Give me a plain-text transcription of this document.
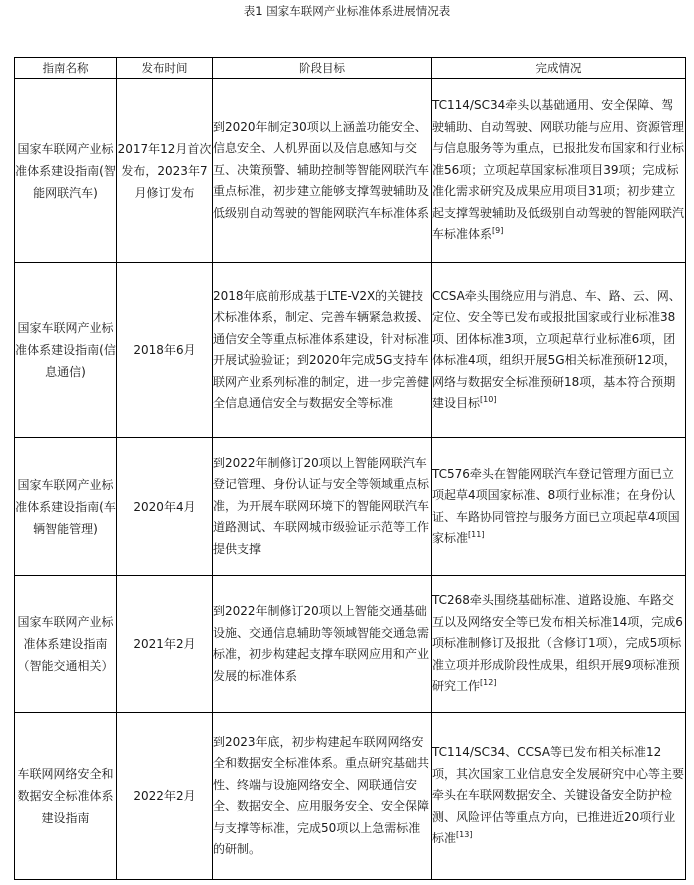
表1 国家车联网产业标准体系进展情况表
指南名称	发布时间	阶段目标	完成情况
国家车联网产业标准体系建设指南(智能网联汽车)	2017年12月首次发布，2023年7月修订发布	到2020年制定30项以上涵盖功能安全、信息安全、人机界面以及信息感知与交互、决策预警、辅助控制等智能网联汽车重点标准，初步建立能够支撑驾驶辅助及低级别自动驾驶的智能网联汽车标准体系	TC114/SC34牵头以基础通用、安全保障、驾驶辅助、自动驾驶、网联功能与应用、资源管理与信息服务等为重点，已报批发布国家和行业标准56项；立项起草国家标准项目39项；完成标准化需求研究及成果应用项目31项；初步建立起支撑驾驶辅助及低级别自动驾驶的智能网联汽车标准体系[9]
国家车联网产业标准体系建设指南(信息通信)	2018年6月	2018年底前形成基于LTE-V2X的关键技术标准体系，制定、完善车辆紧急救援、通信安全等重点标准体系建设，针对标准开展试验验证；到2020年完成5G支持车联网产业系列标准的制定，进一步完善健全信息通信安全与数据安全等标准	CCSA牵头围绕应用与消息、车、路、云、网、定位、安全等已发布或报批国家或行业标准38项、团体标准3项，立项起草行业标准6项，团体标准4项，组织开展5G相关标准预研12项，网络与数据安全标准预研18项，基本符合预期建设目标[10]
国家车联网产业标准体系建设指南(车辆智能管理)	2020年4月	到2022年制修订20项以上智能网联汽车登记管理、身份认证与安全等领域重点标准，为开展车联网环境下的智能网联汽车道路测试、车联网城市级验证示范等工作提供支撑	TC576牵头在智能网联汽车登记管理方面已立项起草4项国家标准、8项行业标准；在身份认证、车路协同管控与服务方面已立项起草4项国家标准[11]
国家车联网产业标准体系建设指南（智能交通相关）	2021年2月	到2022年制修订20项以上智能交通基础设施、交通信息辅助等领域智能交通急需标准，初步构建起支撑车联网应用和产业发展的标准体系	TC268牵头围绕基础标准、道路设施、车路交互以及网络安全等已发布相关标准14项，完成6项标准制修订及报批（含修订1项），完成5项标准立项并形成阶段性成果，组织开展9项标准预研究工作[12]
车联网网络安全和数据安全标准体系建设指南	2022年2月	到2023年底，初步构建起车联网网络安全和数据安全标准体系。重点研究基础共性、终端与设施网络安全、网联通信安全、数据安全、应用服务安全、安全保障与支撑等标准，完成50项以上急需标准的研制。	TC114/SC34、CCSA等已发布相关标准12项，其次国家工业信息安全发展研究中心等主要牵头在车联网数据安全、关键设备安全防护检测、风险评估等重点方向，已推进近20项行业标准[13]
